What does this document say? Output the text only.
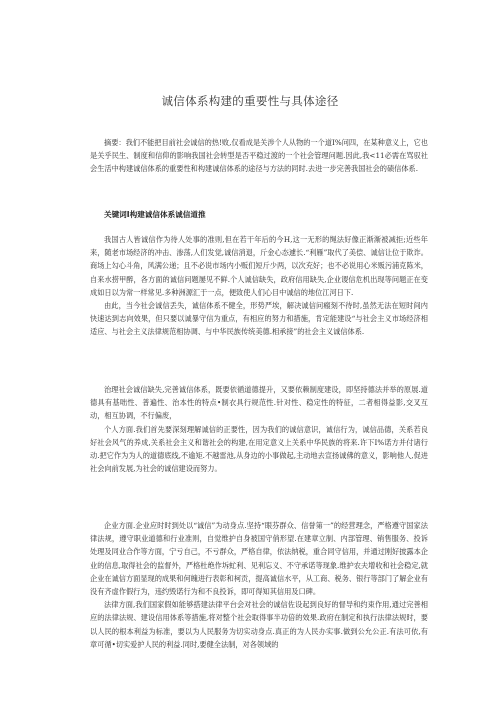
诚信体系构建的重要性与具体途径

摘要：我们不能把目前社会诚信的热!败,仅看成是关涉个人从物的一个道I%问四，在某种意义上，它也是关乎民生、制度和信仰的影响我国社会转型是否平稳过渡的一个社会管理问题.因此,我<11必需在骂驭社会生活中构建诚信体系的重要性和构建诚信体系的途径与方法的同时.去进一步完善我国社会的碛信体系.

关键词I构建诚信体系诚信道推

我国古人皆诚信作为待人处事的准则,但在若干年后的今H,这一无形的绳法好像正渐渐被减拒;近些年来，随老市场经济的冲击、渗荡,人们发觉,诚信消退，斤金心态遽长.“利雁”取代了美偿、诚信让位于欺诈。商场上勾心斗角，风满公递；且不必说市场内小贩们短斤少两，以次充好；也不必说用心米贩污浦克陈米，自来水捞甲醉，各方面的诚信问题屡见不鲜.个人诚信缺失，政府信用缺失,企业谡信危机出现等问题正在变成如日以为常一样常见.多种洲源汇于一点，便致使人们心目中诚信的地位江河日下.

由此，当今社会诚信丢失，诚信体系不健全，形势严埃，解决诚信问瘢刻不待时,虽然无法在短时间内快速达到志向效果，但只要以诚暴守信为重点，有相应的努力和措施，肯定能建设“与社会主义市场经济相适应、与社会主义法律规范相协调、与中华民族传统美德.相承接”的社会主义诚信体系.

治理社会诚信缺失,完善诚信体系，既要依循道德提升，又要依赖制度建设，即坚持德法并举的原展.道德具有基咄性、普遍性、治本性的特点•制衣具行规范性.针对性、稳定性的特征，二者相得益影,交叉互动，相互协调，不行偏废，

个人方面.我们首先要深刻理解诚信的正要性，因为我们的诚信意识，诚信行为，诚信品德，关系若良好社会风气的养成,关系社会主义和谐社会的构建,在用定意义上关系中华民族的将来.许下I%诺方并付诸行动.把它作为为人的道德底线,不逾矩.不越雷池,从身边的小事做起,主动地去宣扬诚佛的意义，影响他人,促进社会向前发展,为社会的诚信建设而努力。

企业方面.企业应时时到处以“诚信”为动身点.坚持“眼芬群众、信誉第一”的经营理念，严格遵守国家法律法规，遵守职业道德和行业准则，自觉维护自身被国守俏形望.在建章立制、内部管理、销售服务、投诉处理及同业合作等方面，宁亏自己，不亏群众，严格自律，依法纳税，重合同守信用，并通过刚好披露本企业的信息,取得社会的监督外，严格杜绝作坼虻利、见利忘义、不守承诺等现象.维护农夫增收和社会稳定,就企业在诚信方面显现的成果和何魄进行表彰和柯贡，提高诚信水平，从工商、税务、银行等部门了解企业有没有齐虚作假行为，违约毁诺行为和不良投诉，即可得知其信用及口碑。

法律方面,我们国家假如能够搭建法律平台会对社会的诚信佐设起到良好的督导和约束作用,通过完善相应的法律法规、建设信用体系等措施,将对整个社会取得事半功倍的效果.政府在制定和执行法律法规时，要以人民的根本利益为标准，要以为人民服务为切实动身点.真正的为人民办实事.做到公允公正.有法可依,有章可循•切实爱护人民的利益.同时,要健全法制，对各领域的
